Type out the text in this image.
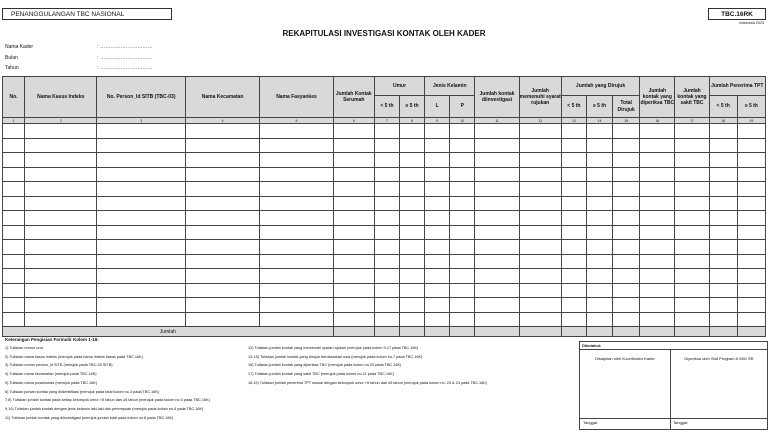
PENANGGULANGAN TBC NASIONAL	TBC.16RK
Indonesia 2023
REKAPITULASI INVESTIGASI KONTAK OLEH KADER
Nama Kader	: ...............................
Bulan	: ...............................
Tahun	: ...............................
No.	Nama Kasus Indeks	No. Person_Id SITB (TBC-03)	Nama Kecamatan	Nama Fasyankes	Jumlah Kontak Serumah	Umur		Jenis Kelamin		Jumlah kontak diinvestigasi	Jumlah memenuhi syarat rujukan	Jumlah yang Dirujuk			Jumlah kontak yang diperiksa TBC	Jumlah kontak yang sakit TBC	Jumlah Penerima TPT	
						< 5 th	≥ 5 th	L	P			< 5 th	≥ 5 th	Total Dirujuk			< 5 th	≥ 5 th
1	2	3	4	5	6	7	8	9	10	11	12	13	14	15	16	17	18	19

Jumlah																		
Keterangan Pengisian Formulir Kolom 1-19:
1) Tuliskan nomor urut
2) Tuliskan nama kasus indeks (merujuk pada nama indeks kasus pada TBC.16K)
3) Tuliskan nomor person_id SITB (merujuk pada TBC-03 SITB)
4) Tuliskan nama kecamatan (merujuk pada TBC.16K)
5) Tuliskan nama puskesmas (merujuk pada TBC.16K)
6) Tuliskan jumlah kontak yang diidentifikasi (merujuk pada total kolom no.3 pada TBC.16K)
7,8) Tuliskan jumlah kontak pada setiap kelompok umur <5 tahun dan ≥5 tahun (merujuk pada kolom no.3 pada TBC.16K)
9,10) Tuliskan jumlah kontak dengan jenis kelamin laki-laki dan perempuan (merujuk pada kolom no.4 pada TBC.16K)
11) Tuliskan jumlah kontak yang diinvestigasi (merujuk jumlah total pada kolom no.8 pada TBC.16K)
12) Tuliskan jumlah kontak yang memenuhi syarat rujukan (merujuk pada kolom 9-17 pada TBC.16K)
13-15) Tuliskan jumlah kontak yang dirujuk berdasarkan usia (merujuk pada kolom no.7 pada TBC.16K)
16) Tuliskan jumlah kontak yang diperiksa TBC (merujuk pada kolom no.20 pada TBC.16K)
17) Tuliskan jumlah kontak yang sakit TBC (merujuk pada kolom no.21 pada TBC.16K)
18,19) Tuliskan jumlah penerima TPT sesuai dengan kelompok umur <5 tahun dan ≥5 tahun (merujuk pada kolom no. 23 & 24 pada TBC.16K)
Diketahui:
Disiapkan oleh Koordinator Kader	Diperiksa oleh Staf Program & MIG SR
Tanggal:	Tanggal:
